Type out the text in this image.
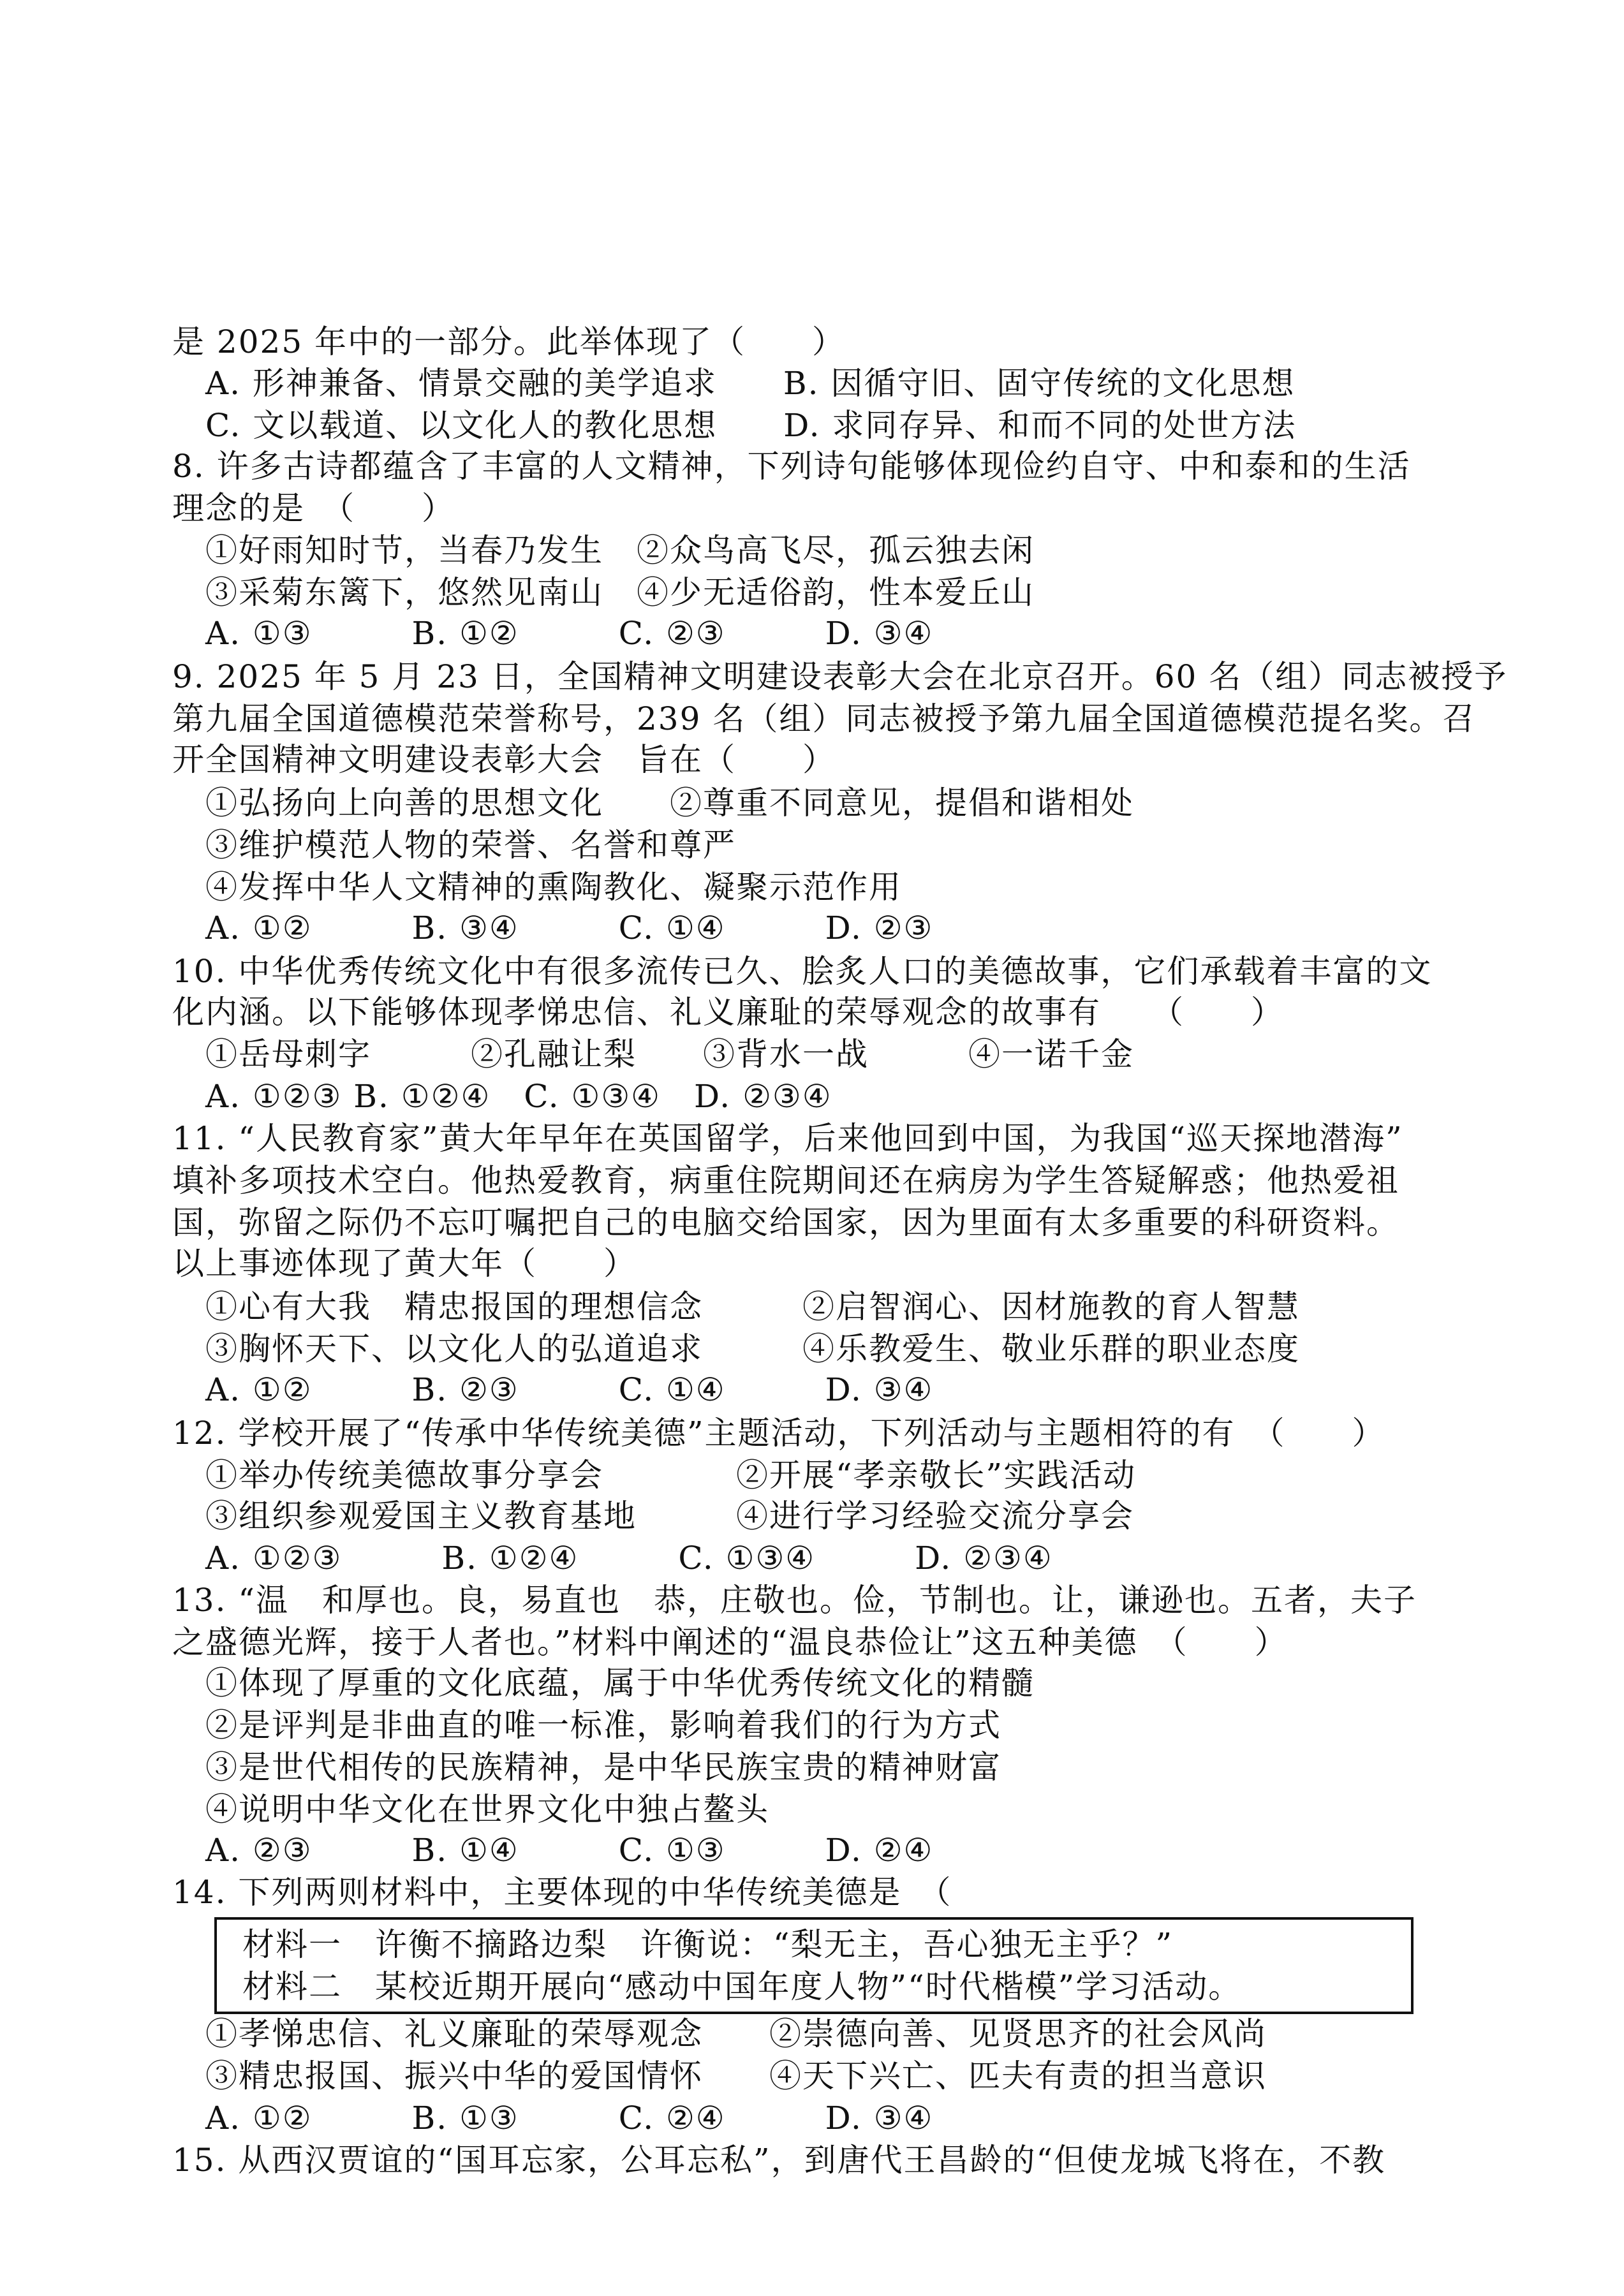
是 2025 年中的一部分。此举体现了（　　）
A. 形神兼备、情景交融的美学追求　　B. 因循守旧、固守传统的文化思想
C. 文以载道、以文化人的教化思想　　D. 求同存异、和而不同的处世方法
8. 许多古诗都蕴含了丰富的人文精神，下列诗句能够体现俭约自守、中和泰和的生活
理念的是　（　　）
①好雨知时节，当春乃发生　②众鸟高飞尽，孤云独去闲
③采菊东篱下，悠然见南山　④少无适俗韵，性本爱丘山
A. ①③　　　B. ①②　　　C. ②③　　　D. ③④
9. 2025 年 5 月 23 日，全国精神文明建设表彰大会在北京召开。60 名（组）同志被授予
第九届全国道德模范荣誉称号，239 名（组）同志被授予第九届全国道德模范提名奖。召
开全国精神文明建设表彰大会　旨在（　　）
①弘扬向上向善的思想文化　　②尊重不同意见，提倡和谐相处
③维护模范人物的荣誉、名誉和尊严
④发挥中华人文精神的熏陶教化、凝聚示范作用
A. ①②　　　B. ③④　　　C. ①④　　　D. ②③
10. 中华优秀传统文化中有很多流传已久、脍炙人口的美德故事，它们承载着丰富的文
化内涵。以下能够体现孝悌忠信、礼义廉耻的荣辱观念的故事有　　（　　）
①岳母刺字　　　②孔融让梨　　③背水一战　　　④一诺千金
A. ①②③ B. ①②④　C. ①③④　D. ②③④
11. “人民教育家”黄大年早年在英国留学，后来他回到中国，为我国“巡天探地潜海”
填补多项技术空白。他热爱教育，病重住院期间还在病房为学生答疑解惑；他热爱祖
国，弥留之际仍不忘叮嘱把自己的电脑交给国家，因为里面有太多重要的科研资料。
以上事迹体现了黄大年（　　）
①心有大我　精忠报国的理想信念　　　②启智润心、因材施教的育人智慧
③胸怀天下、以文化人的弘道追求　　　④乐教爱生、敬业乐群的职业态度
A. ①②　　　B. ②③　　　C. ①④　　　D. ③④
12. 学校开展了“传承中华传统美德”主题活动，下列活动与主题相符的有　（　　）
①举办传统美德故事分享会　　　　②开展“孝亲敬长”实践活动
③组织参观爱国主义教育基地　　　④进行学习经验交流分享会
A. ①②③　　　B. ①②④　　　C. ①③④　　　D. ②③④
13. “温　和厚也。良，易直也　恭，庄敬也。俭，节制也。让，谦逊也。五者，夫子
之盛德光辉，接于人者也。”材料中阐述的“温良恭俭让”这五种美德　（　　）
①体现了厚重的文化底蕴，属于中华优秀传统文化的精髓
②是评判是非曲直的唯一标准，影响着我们的行为方式
③是世代相传的民族精神，是中华民族宝贵的精神财富
④说明中华文化在世界文化中独占鳌头
A. ②③　　　B. ①④　　　C. ①③　　　D. ②④
14. 下列两则材料中，主要体现的中华传统美德是　（
材料一　许衡不摘路边梨　许衡说：“梨无主，吾心独无主乎？”
材料二　某校近期开展向“感动中国年度人物”“时代楷模”学习活动。
①孝悌忠信、礼义廉耻的荣辱观念　　②崇德向善、见贤思齐的社会风尚
③精忠报国、振兴中华的爱国情怀　　④天下兴亡、匹夫有责的担当意识
A. ①②　　　B. ①③　　　C. ②④　　　D. ③④
15. 从西汉贾谊的“国耳忘家，公耳忘私”，到唐代王昌龄的“但使龙城飞将在，不教
